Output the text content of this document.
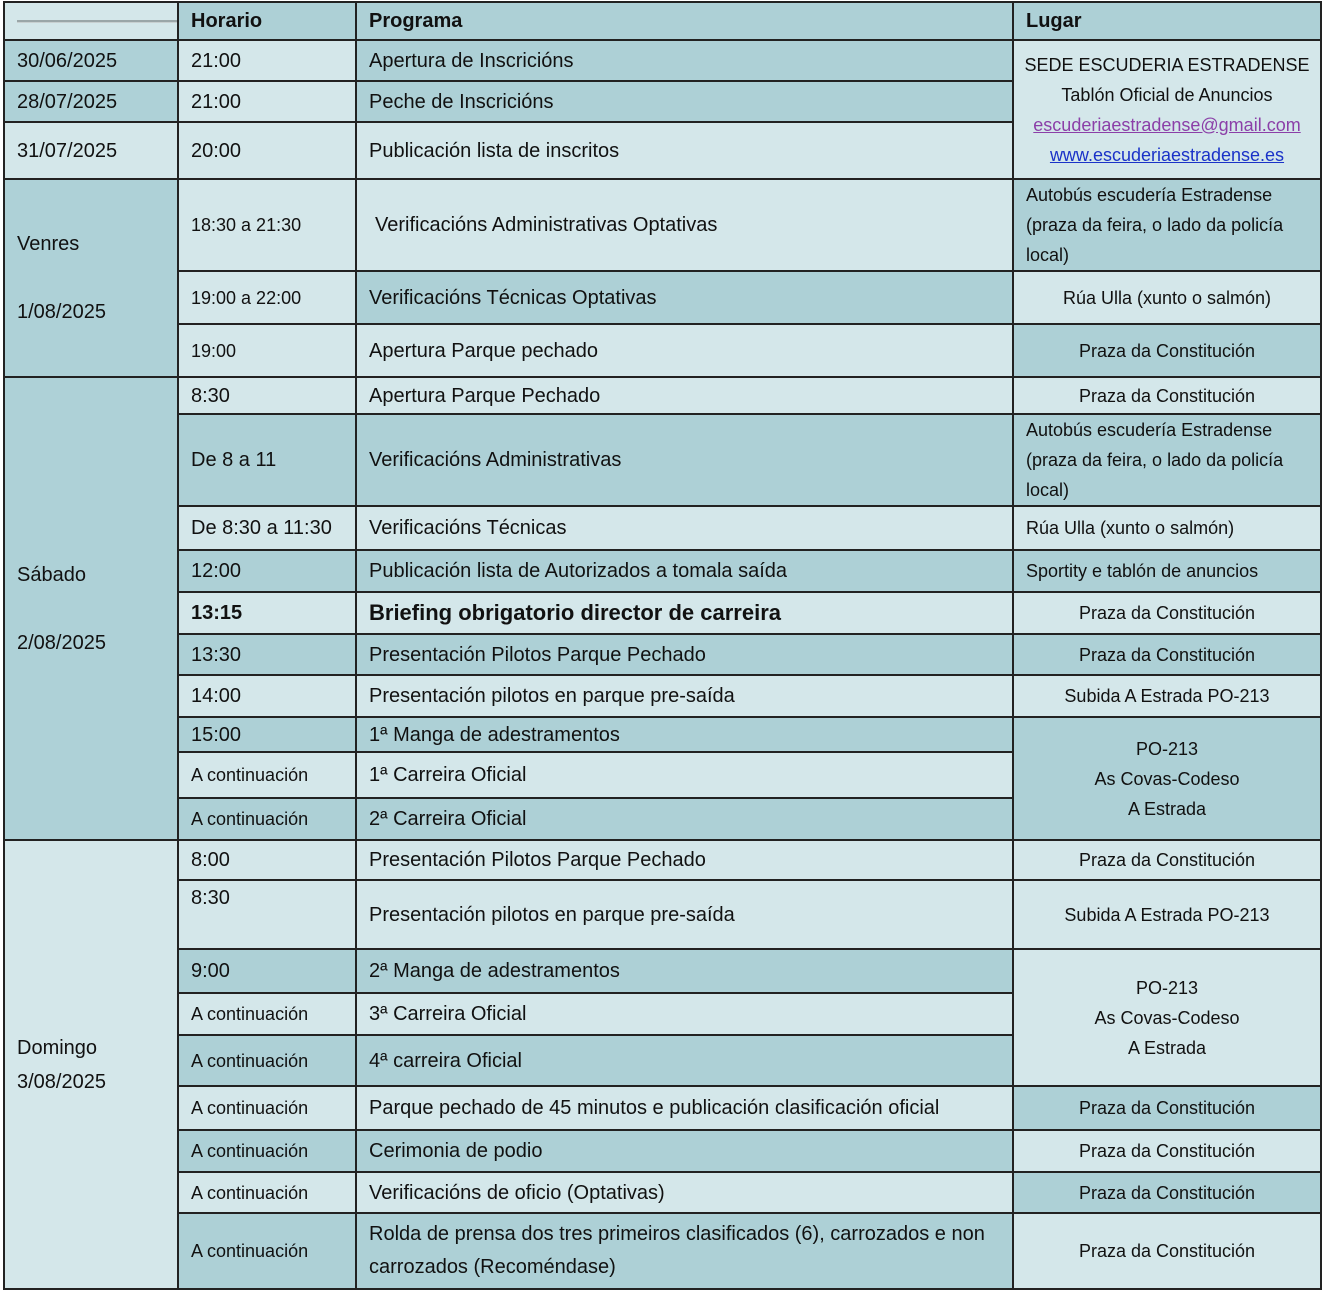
	Horario	Programa	Lugar
30/06/2025	21:00	Apertura de Inscricións	SEDE ESCUDERIA ESTRADENSE
Tablón Oficial de Anuncios
escuderiaestradense@gmail.com
www.escuderiaestradense.es

28/07/2025	21:00	Peche de Inscricións	
31/07/2025	20:00	Publicación lista de inscritos	

Venres
1/08/2025	18:30 a 21:30	Verificacións Administrativas Optativas	Autobús escudería Estradense (praza da feira, o lado da policía local)
	19:00 a 22:00	Verificacións Técnicas Optativas	Rúa Ulla (xunto o salmón)
	19:00	Apertura Parque pechado	Praza da Constitución

Sábado
2/08/2025	8:30	Apertura Parque Pechado	Praza da Constitución
	De 8 a 11	Verificacións Administrativas	Autobús escudería Estradense (praza da feira, o lado da policía local)
	De 8:30 a 11:30	Verificacións Técnicas	Rúa Ulla (xunto o salmón)
	12:00	Publicación lista de Autorizados a tomala saída	Sportity e tablón de anuncios
	13:15	Briefing obrigatorio director de carreira	Praza da Constitución
	13:30	Presentación Pilotos Parque Pechado	Praza da Constitución
	14:00	Presentación pilotos en parque pre-saída	Subida A Estrada PO-213
	15:00	1ª Manga de adestramentos	PO-213
As Covas-Codeso
A Estrada

	A continuación	1ª Carreira Oficial	
	A continuación	2ª Carreira Oficial	

Domingo
3/08/2025	8:00	Presentación Pilotos Parque Pechado	Praza da Constitución
	8:30	Presentación pilotos en parque pre-saída	Subida A Estrada PO-213
	9:00	2ª Manga de adestramentos	PO-213
As Covas-Codeso
A Estrada

	A continuación	3ª Carreira Oficial	
	A continuación	4ª carreira Oficial	
	A continuación	Parque pechado de 45 minutos e publicación clasificación oficial	Praza da Constitución
	A continuación	Cerimonia de podio	Praza da Constitución
	A continuación	Verificacións de oficio (Optativas)	Praza da Constitución
	A continuación	Rolda de prensa dos tres primeiros clasificados (6), carrozados e non carrozados (Recoméndase)	Praza da Constitución
